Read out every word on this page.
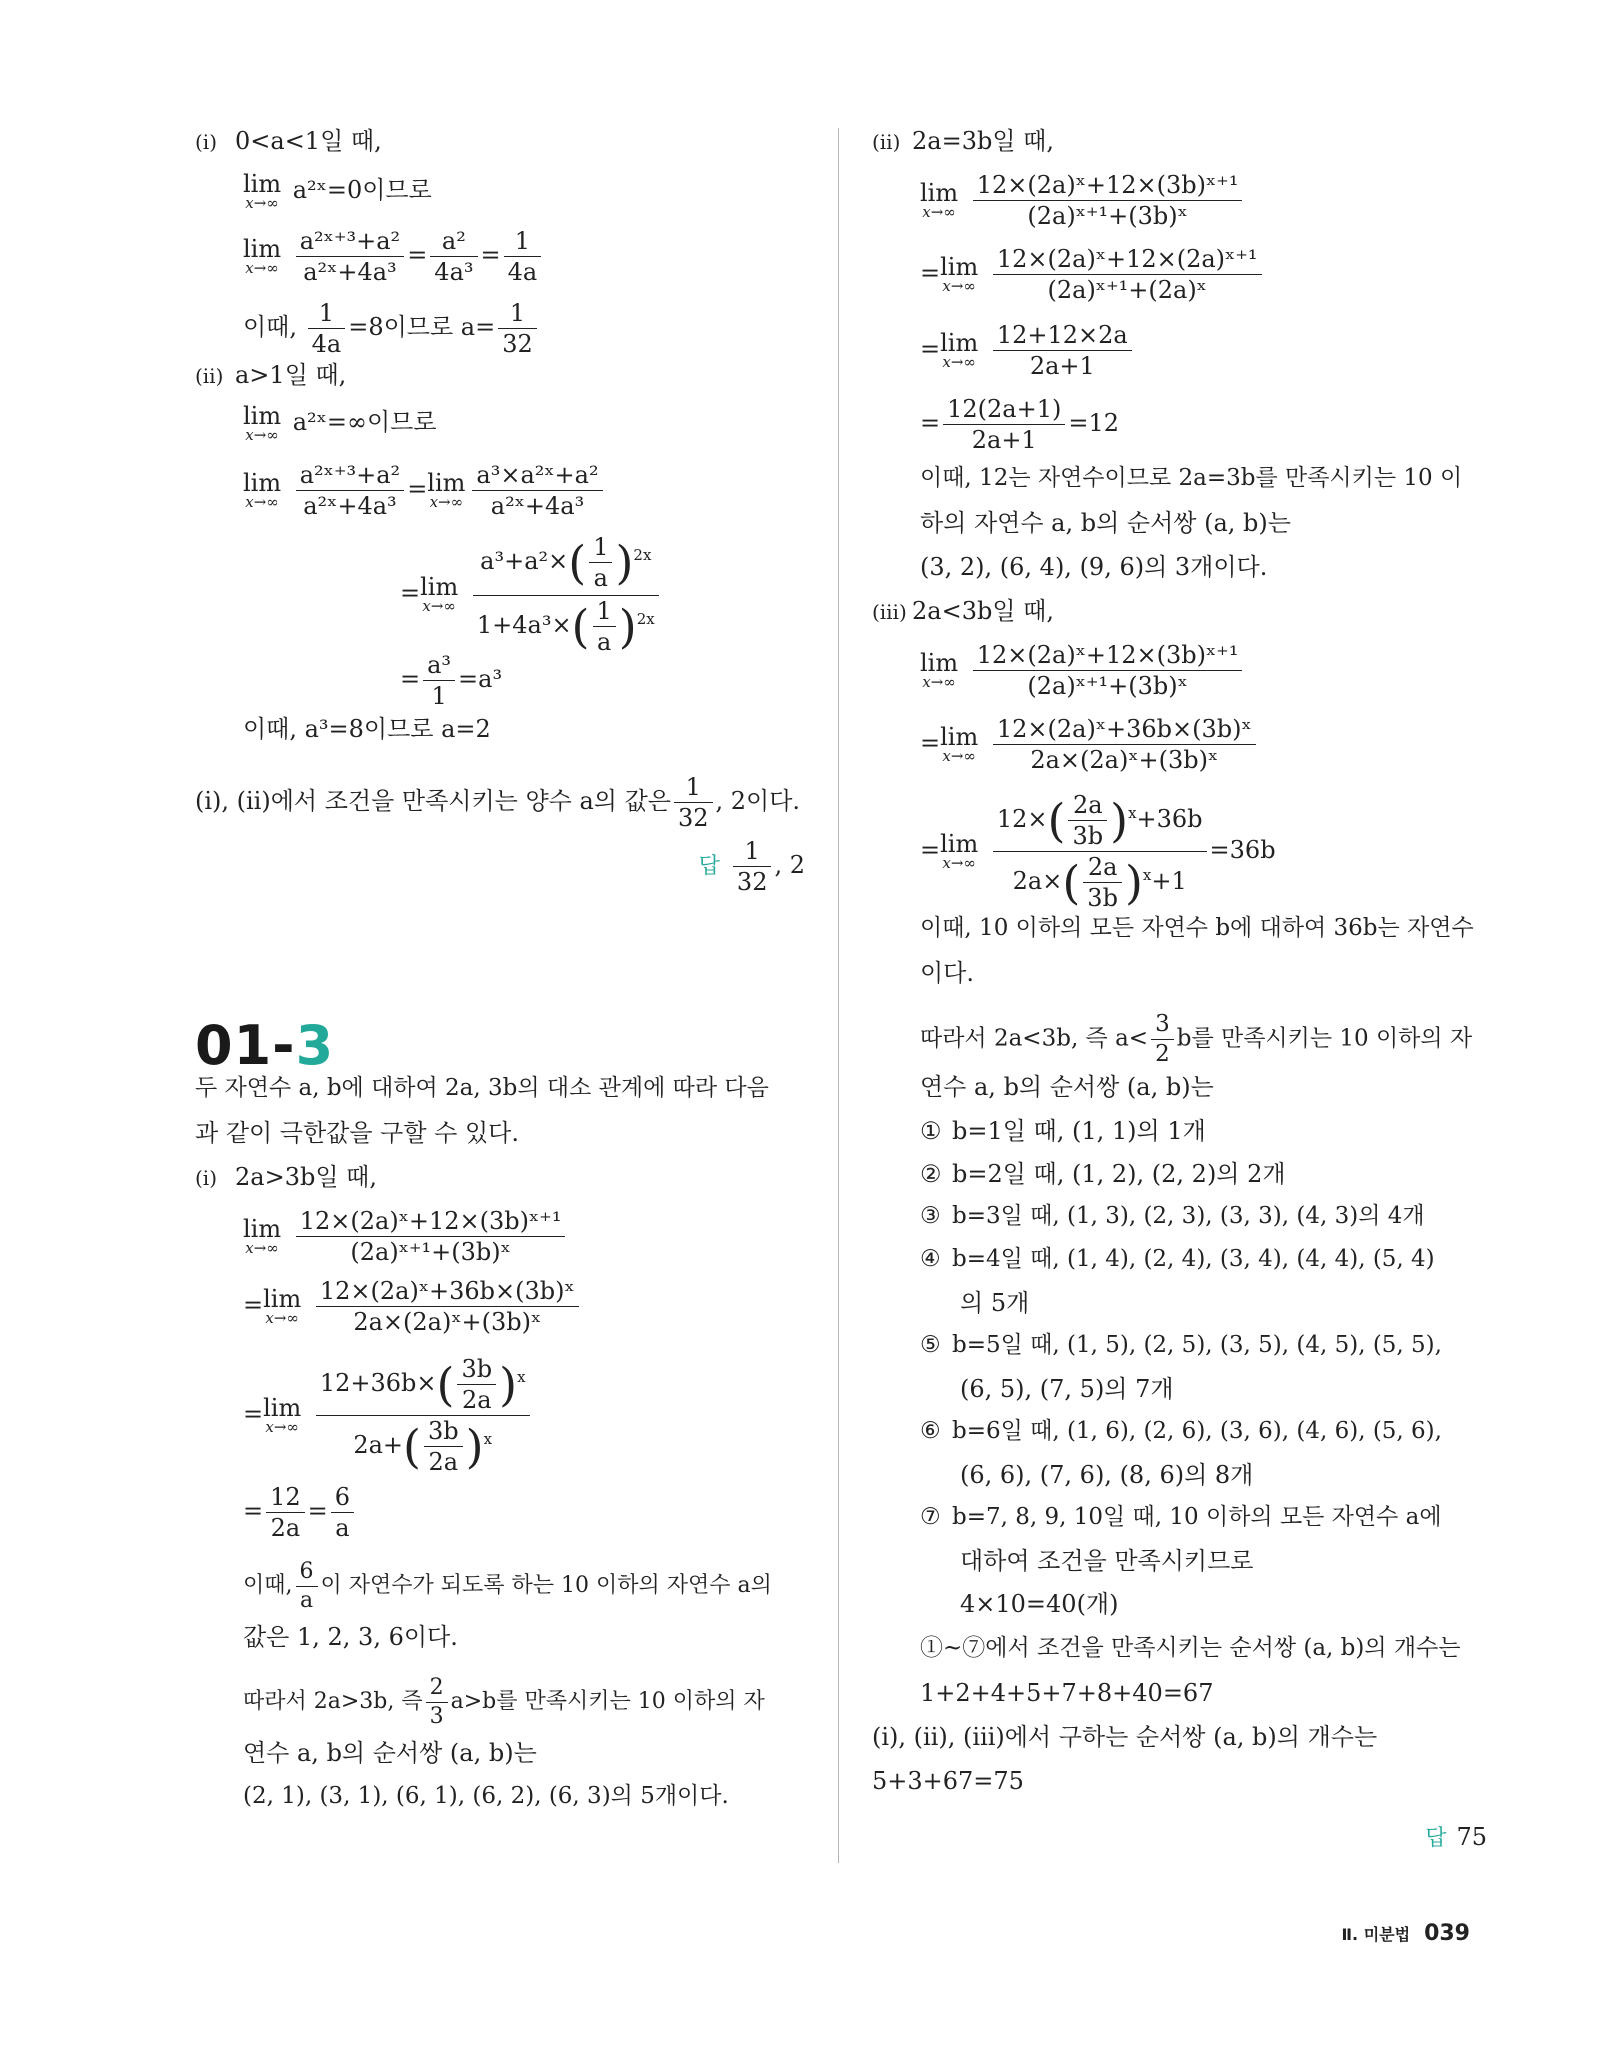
(ⅰ) 0<a<1일 때,
lim
x→∞ a²ˣ=0이므로
lim
x→∞
$\frac{\text{a²ˣ⁺³+a²}}{\text{a²ˣ+4a³}} = \frac{\text{a²}}{\text{4a³}} = \frac{1}{4a}$
이때, $\frac{1}{4a} =8$이므로 $a= \frac{1}{32}$
(ⅱ) a>1일 때,
lim
x→∞ a²ˣ=∞이므로
lim
x→∞
$\frac{\text{a²ˣ⁺³+a²}}{\text{a²ˣ+4a³}} = \lim$
$x\to\infty \frac{\text{a³×a²ˣ+a²}}{\text{a²ˣ+4a³}}$
= lim
x→∞
$\frac{a^3+a^2\times( \frac{1}{a} )^{2x}}{1+4a^3\times( \frac{1}{a} )^{2x}}$
= $\frac{\text{a³}}{1} =a^3$
이때, a³=8이므로 a=2
(ⅰ), (ⅱ)에서 조건을 만족시키는 양수 a의 값은 $\frac{1}{32}$ , 2이다.
답 $\frac{1}{32}$ , 2
01-3
두 자연수 a, b에 대하여 2a, 3b의 대소 관계에 따라 다음
과 같이 극한값을 구할 수 있다.
(ⅰ) 2a>3b일 때,
lim
x→∞
$\frac{\text{12×(2a)ˣ+12×(3b)ˣ⁺¹}}{\text{(2a)ˣ⁺¹+(3b)ˣ}}$
= lim
x→∞
$\frac{\text{12×(2a)ˣ+36b×(3b)ˣ}}{\text{2a×(2a)ˣ+(3b)ˣ}}$
= lim
x→∞
$\frac{12+36b\times( \frac{3b}{2a} )^x}{2a+( \frac{3b}{2a} )^x}$
= $\frac{12}{2a} = \frac{6}{a}$
이때, $\frac{6}{a}$ 이 자연수가 되도록 하는 10 이하의 자연수 a의
값은 1, 2, 3, 6이다.
따라서 2a>3b, 즉 $\frac{2}{3} a>b$를 만족시키는 10 이하의 자
연수 a, b의 순서쌍 (a, b)는
(2, 1), (3, 1), (6, 1), (6, 2), (6, 3)의 5개이다.
(ⅱ) 2a=3b일 때,
lim
x→∞
$\frac{\text{12×(2a)ˣ+12×(3b)ˣ⁺¹}}{\text{(2a)ˣ⁺¹+(3b)ˣ}}$
= lim
x→∞
$\frac{\text{12×(2a)ˣ+12×(2a)ˣ⁺¹}}{\text{(2a)ˣ⁺¹+(2a)ˣ}}$
= lim
x→∞
$\frac{12+12\times 2a}{2a+1}$
= $\frac{12(2a+1)}{2a+1} =12$
이때, 12는 자연수이므로 2a=3b를 만족시키는 10 이
하의 자연수 a, b의 순서쌍 (a, b)는
(3, 2), (6, 4), (9, 6)의 3개이다.
(ⅲ) 2a<3b일 때,
lim
x→∞
$\frac{\text{12×(2a)ˣ+12×(3b)ˣ⁺¹}}{\text{(2a)ˣ⁺¹+(3b)ˣ}}$
= lim
x→∞
$\frac{\text{12×(2a)ˣ+36b×(3b)ˣ}}{\text{2a×(2a)ˣ+(3b)ˣ}}$
= lim
x→∞
$\frac{12\times( \frac{2a}{3b} )^x+36b}{2a\times( \frac{2a}{3b} )^x+1} =36b$
이때, 10 이하의 모든 자연수 b에 대하여 36b는 자연수
이다.
따라서 2a<3b, 즉 $a< \frac{3}{2}$ b를 만족시키는 10 이하의 자
연수 a, b의 순서쌍 (a, b)는
① b=1일 때, (1, 1)의 1개
② b=2일 때, (1, 2), (2, 2)의 2개
③ b=3일 때, (1, 3), (2, 3), (3, 3), (4, 3)의 4개
④ b=4일 때, (1, 4), (2, 4), (3, 4), (4, 4), (5, 4)
의 5개
⑤ b=5일 때, (1, 5), (2, 5), (3, 5), (4, 5), (5, 5),
(6, 5), (7, 5)의 7개
⑥ b=6일 때, (1, 6), (2, 6), (3, 6), (4, 6), (5, 6),
(6, 6), (7, 6), (8, 6)의 8개
⑦ b=7, 8, 9, 10일 때, 10 이하의 모든 자연수 a에
대하여 조건을 만족시키므로
4×10=40(개)
①~⑦에서 조건을 만족시키는 순서쌍 (a, b)의 개수는
1+2+4+5+7+8+40=67
(ⅰ), (ⅱ), (ⅲ)에서 구하는 순서쌍 (a, b)의 개수는
5+3+67=75
답 75
Ⅱ. 미분법 039
